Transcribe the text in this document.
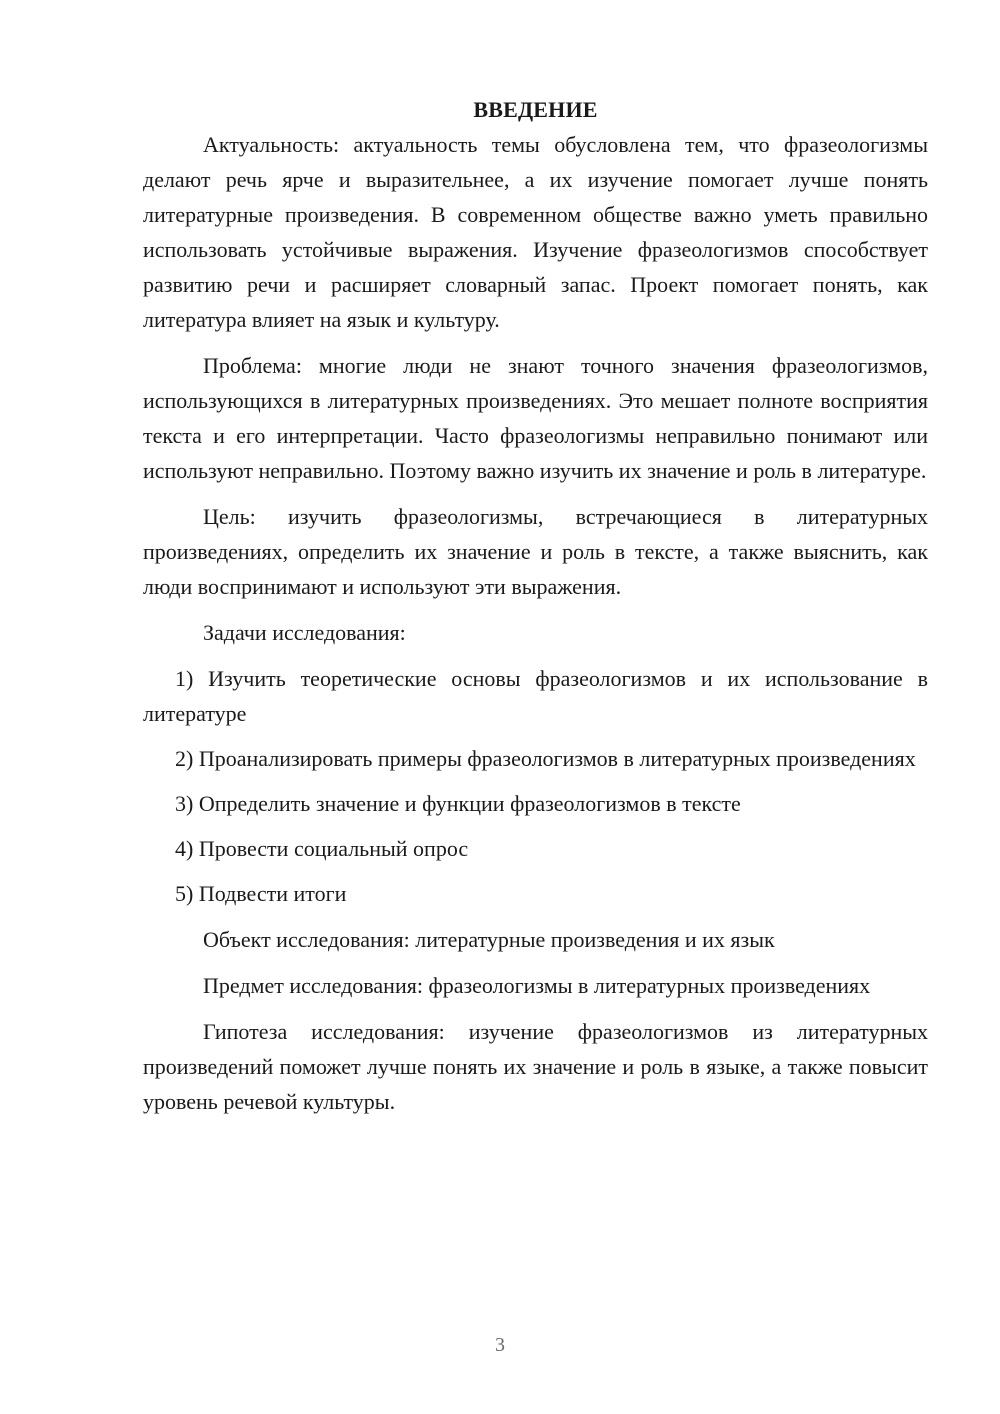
ВВЕДЕНИЕ

Актуальность: актуальность темы обусловлена тем, что фразеологизмы делают речь ярче и выразительнее, а их изучение помогает лучше понять литературные произведения. В современном обществе важно уметь правильно использовать устойчивые выражения. Изучение фразеологизмов способствует развитию речи и расширяет словарный запас. Проект помогает понять, как литература влияет на язык и культуру.

Проблема: многие люди не знают точного значения фразеологизмов, использующихся в литературных произведениях. Это мешает полноте восприятия текста и его интерпретации. Часто фразеологизмы неправильно понимают или используют неправильно. Поэтому важно изучить их значение и роль в литературе.

Цель: изучить фразеологизмы, встречающиеся в литературных произведениях, определить их значение и роль в тексте, а также выяснить, как люди воспринимают и используют эти выражения.

Задачи исследования:

1) Изучить теоретические основы фразеологизмов и их использование в литературе

2) Проанализировать примеры фразеологизмов в литературных произведениях

3) Определить значение и функции фразеологизмов в тексте

4) Провести социальный опрос

5) Подвести итоги

Объект исследования: литературные произведения и их язык

Предмет исследования: фразеологизмы в литературных произведениях

Гипотеза исследования: изучение фразеологизмов из литературных произведений поможет лучше понять их значение и роль в языке, а также повысит уровень речевой культуры.

3
